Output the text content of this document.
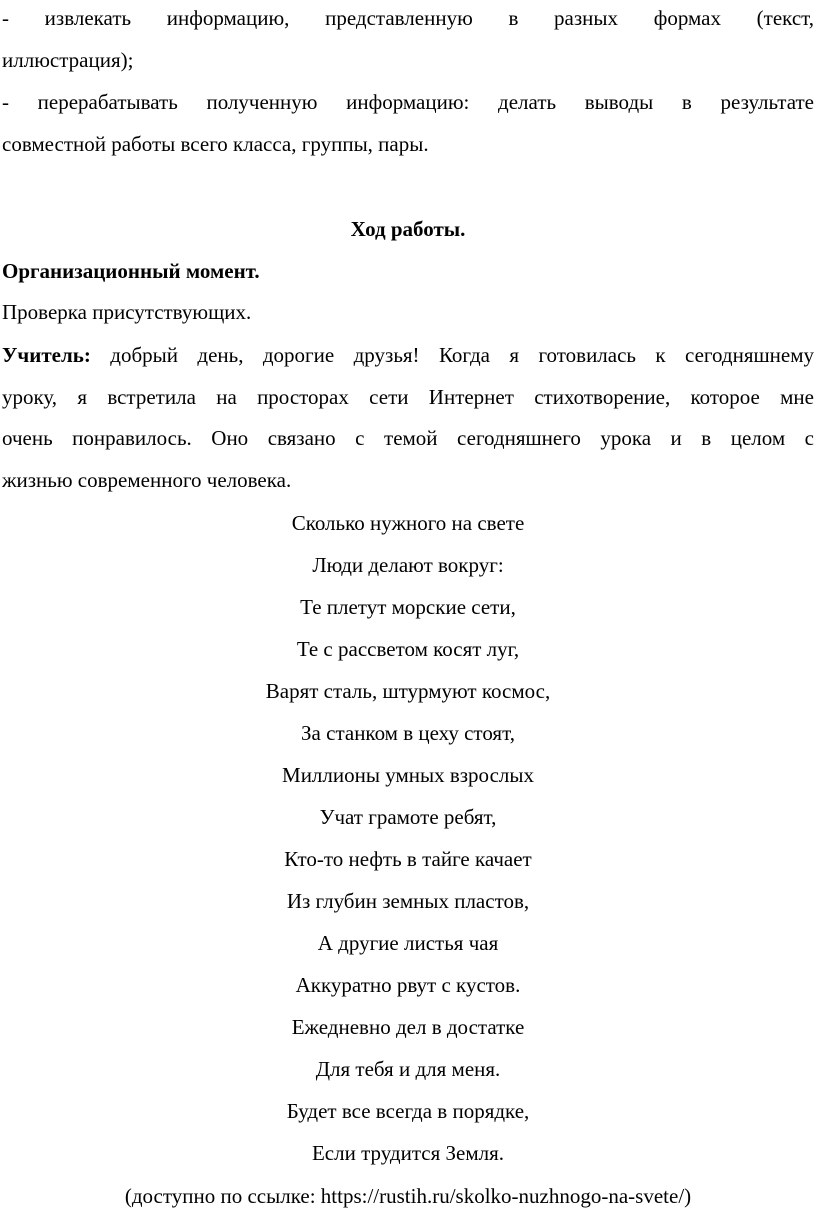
- извлекать информацию, представленную в разных формах (текст,
иллюстрация);
- перерабатывать полученную информацию: делать выводы в результате
совместной работы всего класса, группы, пары.
Ход работы.
Организационный момент.
Проверка присутствующих.
Учитель: добрый день, дорогие друзья! Когда я готовилась к сегодняшнему
уроку, я встретила на просторах сети Интернет стихотворение, которое мне
очень понравилось. Оно связано с темой сегодняшнего урока и в целом с
жизнью современного человека.
Сколько нужного на свете
Люди делают вокруг:
Те плетут морские сети,
Те с рассветом косят луг,
Варят сталь, штурмуют космос,
За станком в цеху стоят,
Миллионы умных взрослых
Учат грамоте ребят,
Кто-то нефть в тайге качает
Из глубин земных пластов,
А другие листья чая
Аккуратно рвут с кустов.
Ежедневно дел в достатке
Для тебя и для меня.
Будет все всегда в порядке,
Если трудится Земля.
(доступно по ссылке: https://rustih.ru/skolko-nuzhnogo-na-svete/)
